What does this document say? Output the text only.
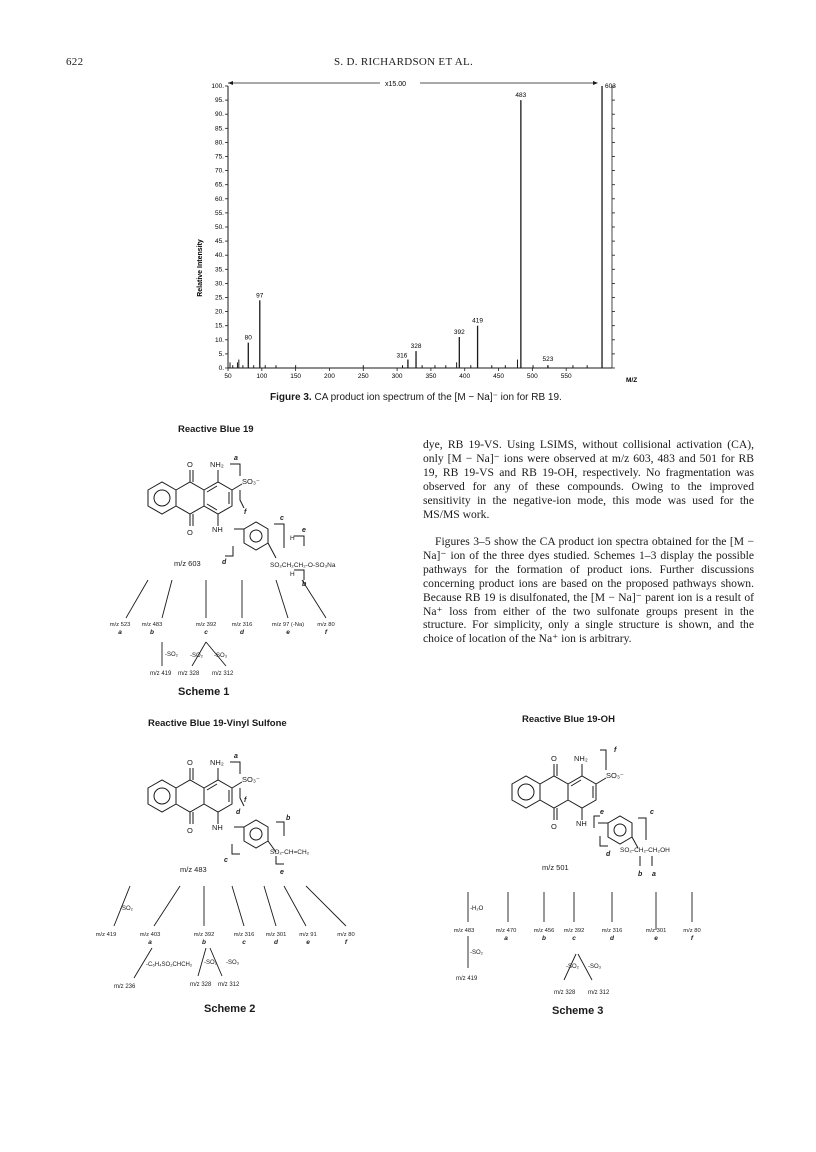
622	S. D. RICHARDSON ET AL.
0.
5.
10.
15.
20.
25.
30.
35.
40.
45.
50.
55.
60.
65.
70.
75.
80.
85.
90.
95.
100.
50	100	150	200	250	300	350	400	450	500	550
80
97
316
328
392
419
483
523
603
Relative Intensity
M/Z
x15.00
Figure 3. CA product ion spectrum of the [M − Na]⁻ ion for RB 19.
dye, RB 19-VS. Using LSIMS, without collisional activation (CA), only [M − Na]⁻ ions were observed at m/z 603, 483 and 501 for RB 19, RB 19-VS and RB 19-OH, respectively. No fragmentation was observed for any of these compounds. Owing to the improved sensitivity in the negative-ion mode, this mode was used for the MS/MS work.
Figures 3–5 show the CA product ion spectra obtained for the [M − Na]⁻ ion of the three dyes studied. Schemes 1–3 display the possible pathways for the formation of product ions. Further discussions concerning product ions are based on the proposed pathways shown. Because RB 19 is disulfonated, the [M − Na]⁻ parent ion is a result of Na⁺ loss from either of the two sulfonate groups present in the structure. For simplicity, only a single structure is shown, and the choice of location of the Na⁺ ion is arbitrary.
Reactive Blue 19
O
O
NH₂
SO₃⁻
NH
SO₂CH₂CH₂-O-SO₃Na
H
H
a
b
c
d
e
f
m/z 603
m/z 523
a
m/z 483
b
m/z 392
c
m/z 316
d
m/z 97 (-Na)
e
m/z 80
f
-SO₂ -SO₂ -SO₃
m/z 419 m/z 328 m/z 312
Scheme 1
Reactive Blue 19-Vinyl Sulfone
O
O
NH₂
SO₃⁻
NH
SO₂-CH=CH₂
a
b
c
d
e
f
m/z 483
-SO₂
-C₆H₄SO₂CHCH₂ -SO₂ -SO₃
m/z 236	m/z 328 m/z 312
m/z 419	m/z 403
a
m/z 392
b
m/z 316
c
m/z 301
d
m/z 91
e
m/z 80
f
Scheme 2
Reactive Blue 19-OH
O
O
NH₂
SO₃⁻
NH
SO₂-CH₂-CH₂OH
f
b a
c
d
e
m/z 501
-H₂O
-SO₂
-SO₂ -SO₃
m/z 419
m/z 328 m/z 312
m/z 483	m/z 470
a
m/z 456
b
m/z 392
c
m/z 316
d
m/z 301
e
m/z 80
f
Scheme 3
